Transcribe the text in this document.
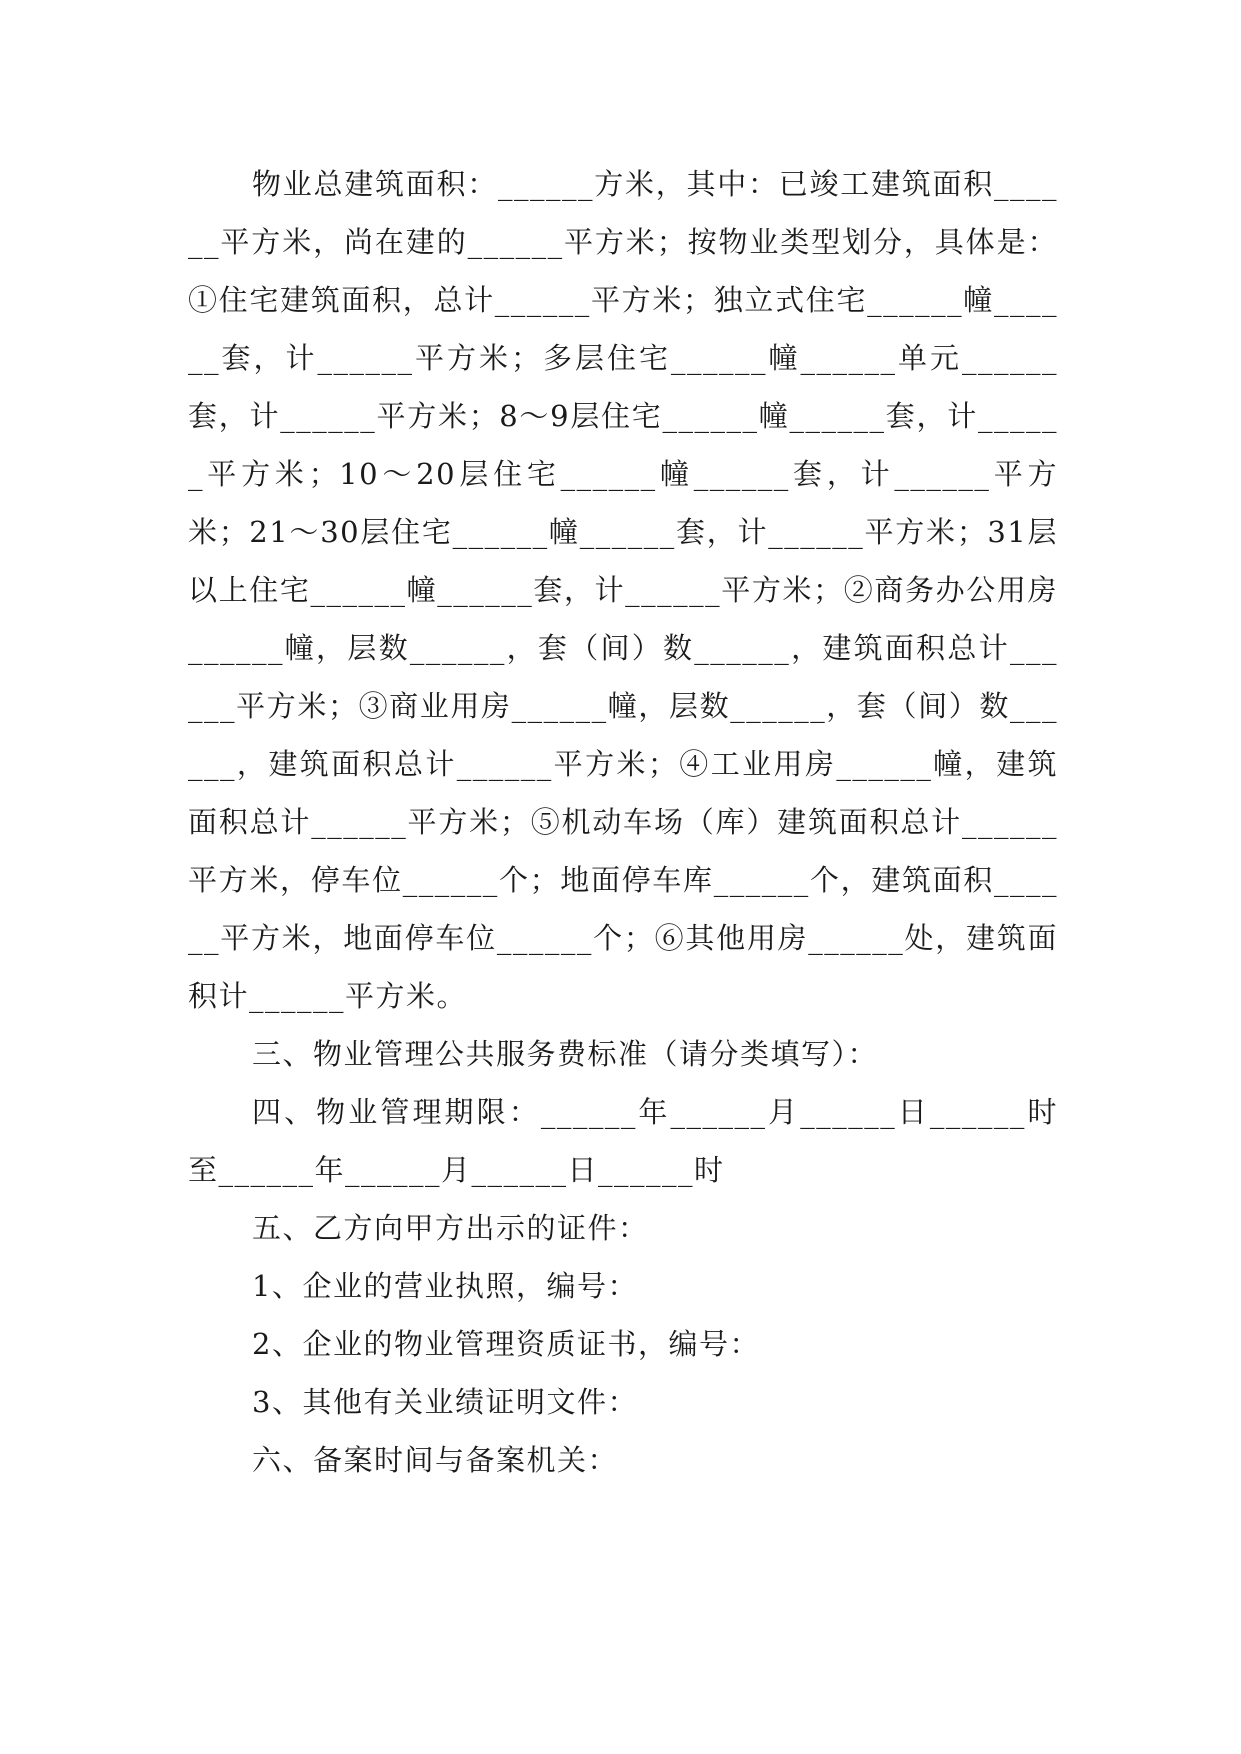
物业总建筑面积：______方米，其中：已竣工建筑面积______平方米，尚在建的______平方米；按物业类型划分，具体是：①住宅建筑面积，总计______平方米；独立式住宅______幢______套，计______平方米；多层住宅______幢______单元______套，计______平方米；8～9层住宅______幢______套，计______平方米；10～20层住宅______幢______套，计______平方米；21～30层住宅______幢______套，计______平方米；31层以上住宅______幢______套，计______平方米；②商务办公用房______幢，层数______，套（间）数______，建筑面积总计______平方米；③商业用房______幢，层数______，套（间）数______，建筑面积总计______平方米；④工业用房______幢，建筑面积总计______平方米；⑤机动车场（库）建筑面积总计______平方米，停车位______个；地面停车库______个，建筑面积______平方米，地面停车位______个；⑥其他用房______处，建筑面积计______平方米。

三、物业管理公共服务费标准（请分类填写）：

四、物业管理期限：______年______月______日______时至______年______月______日______时

五、乙方向甲方出示的证件：

1、企业的营业执照，编号：

2、企业的物业管理资质证书，编号：

3、其他有关业绩证明文件：

六、备案时间与备案机关：
